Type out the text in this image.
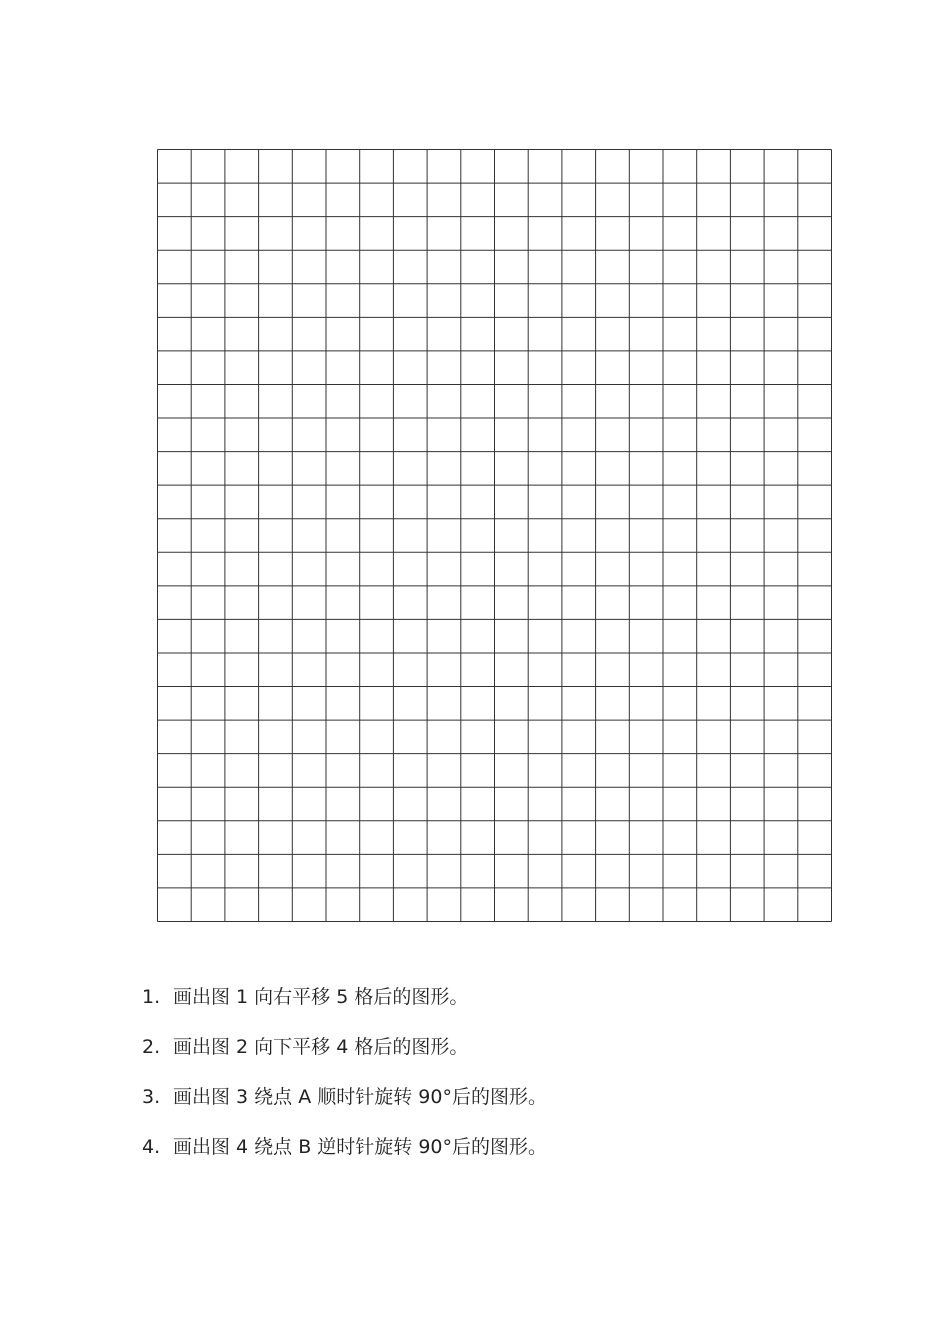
1. 画出图 1 向右平移 5 格后的图形。
2. 画出图 2 向下平移 4 格后的图形。
3. 画出图 3 绕点 A 顺时针旋转 90°后的图形。
4. 画出图 4 绕点 B 逆时针旋转 90°后的图形。
